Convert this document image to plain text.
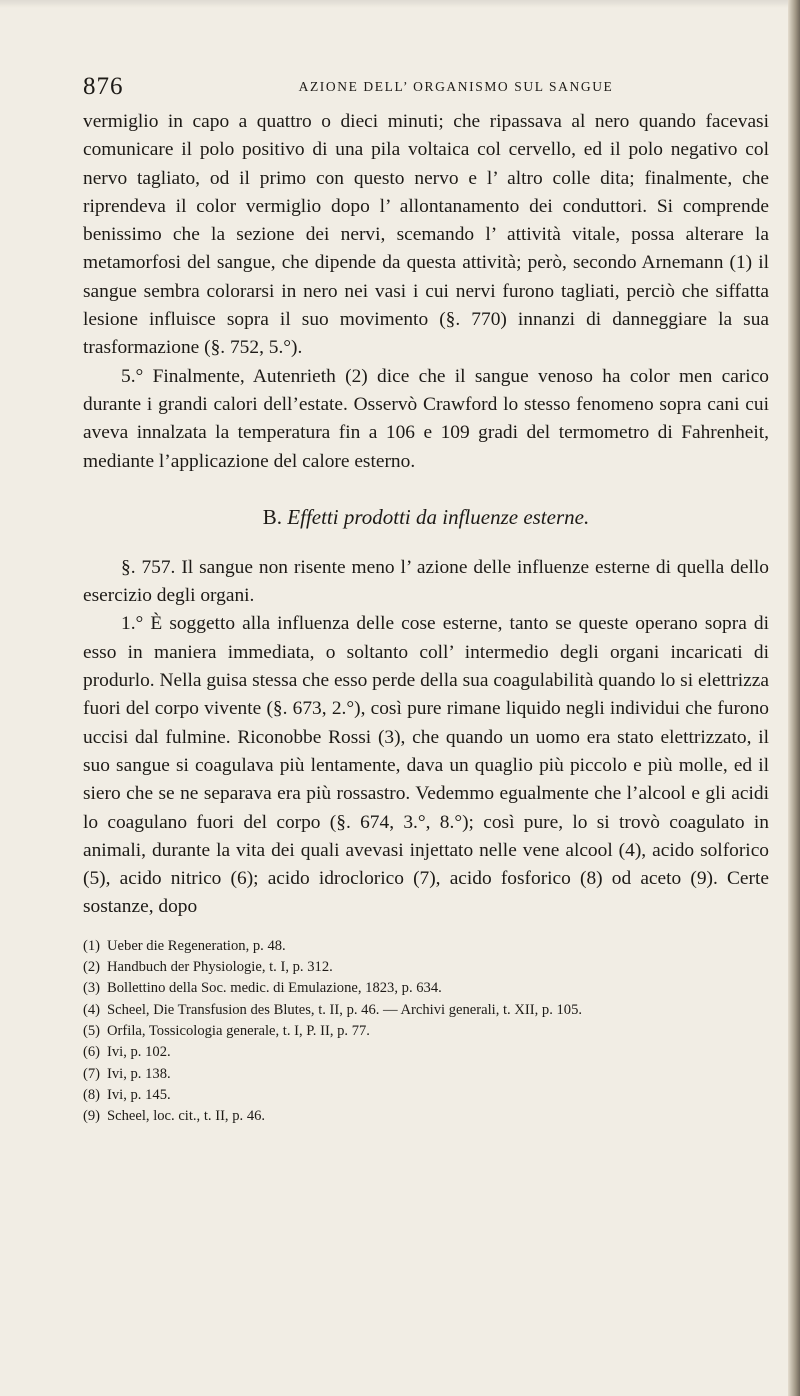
876	AZIONE DELL’ ORGANISMO SUL SANGUE

vermiglio in capo a quattro o dieci minuti; che ripassava al nero quando facevasi comunicare il polo positivo di una pila voltaica col cervello, ed il polo negativo col nervo tagliato, od il primo con questo nervo e l’ altro colle dita; finalmente, che riprendeva il color vermiglio dopo l’ allontanamento dei conduttori. Si comprende benissimo che la sezione dei nervi, scemando l’ attività vitale, possa alterare la metamorfosi del sangue, che dipende da questa attività; però, secondo Arnemann (1) il sangue sembra colorarsi in nero nei vasi i cui nervi furono tagliati, perciò che siffatta lesione influisce sopra il suo movimento (§. 770) innanzi di danneggiare la sua trasformazione (§. 752, 5.°).

5.° Finalmente, Autenrieth (2) dice che il sangue venoso ha color men carico durante i grandi calori dell’estate. Osservò Crawford lo stesso fenomeno sopra cani cui aveva innalzata la temperatura fin a 106 e 109 gradi del termometro di Fahrenheit, mediante l’applicazione del calore esterno.

B. Effetti prodotti da influenze esterne.

§. 757. Il sangue non risente meno l’ azione delle influenze esterne di quella dello esercizio degli organi.

1.° È soggetto alla influenza delle cose esterne, tanto se queste operano sopra di esso in maniera immediata, o soltanto coll’ intermedio degli organi incaricati di produrlo. Nella guisa stessa che esso perde della sua coagulabilità quando lo si elettrizza fuori del corpo vivente (§. 673, 2.°), così pure rimane liquido negli individui che furono uccisi dal fulmine. Riconobbe Rossi (3), che quando un uomo era stato elettrizzato, il suo sangue si coagulava più lentamente, dava un quaglio più piccolo e più molle, ed il siero che se ne separava era più rossastro. Vedemmo egualmente che l’alcool e gli acidi lo coagulano fuori del corpo (§. 674, 3.°, 8.°); così pure, lo si trovò coagulato in animali, durante la vita dei quali avevasi injettato nelle vene alcool (4), acido solforico (5), acido nitrico (6); acido idroclorico (7), acido fosforico (8) od aceto (9). Certe sostanze, dopo

(1) Ueber die Regeneration, p. 48.

(2) Handbuch der Physiologie, t. I, p. 312.

(3) Bollettino della Soc. medic. di Emulazione, 1823, p. 634.

(4) Scheel, Die Transfusion des Blutes, t. II, p. 46. — Archivi generali, t. XII, p. 105.

(5) Orfila, Tossicologia generale, t. I, P. II, p. 77.

(6) Ivi, p. 102.

(7) Ivi, p. 138.

(8) Ivi, p. 145.

(9) Scheel, loc. cit., t. II, p. 46.
